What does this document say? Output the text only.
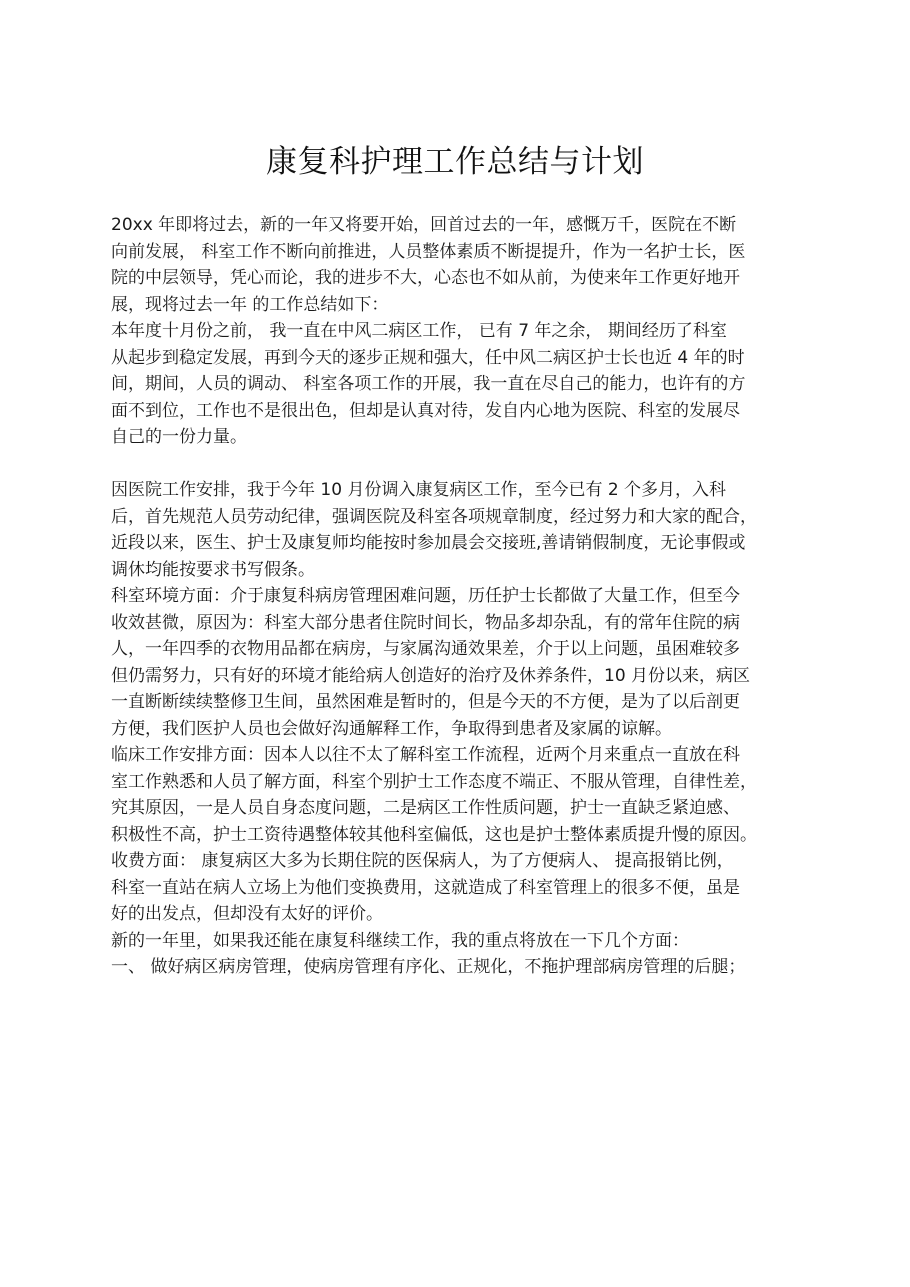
康复科护理工作总结与计划
20xx 年即将过去，新的一年又将要开始，回首过去的一年，感慨万千，医院在不断
向前发展， 科室工作不断向前推进，人员整体素质不断提提升，作为一名护士长，医
院的中层领导，凭心而论，我的进步不大，心态也不如从前，为使来年工作更好地开
展，现将过去一年 的工作总结如下：
本年度十月份之前， 我一直在中风二病区工作， 已有 7 年之余， 期间经历了科室
从起步到稳定发展，再到今天的逐步正规和强大，任中风二病区护士长也近 4 年的时
间，期间，人员的调动、 科室各项工作的开展，我一直在尽自己的能力，也许有的方
面不到位，工作也不是很出色，但却是认真对待，发自内心地为医院、科室的发展尽
自己的一份力量。
因医院工作安排，我于今年 10 月份调入康复病区工作，至今已有 2 个多月，入科
后，首先规范人员劳动纪律，强调医院及科室各项规章制度，经过努力和大家的配合，
近段以来，医生、护士及康复师均能按时参加晨会交接班,善请销假制度，无论事假或
调休均能按要求书写假条。
科室环境方面：介于康复科病房管理困难问题，历任护士长都做了大量工作，但至今
收效甚微，原因为：科室大部分患者住院时间长，物品多却杂乱，有的常年住院的病
人，一年四季的衣物用品都在病房，与家属沟通效果差，介于以上问题，虽困难较多
但仍需努力，只有好的环境才能给病人创造好的治疗及休养条件，10 月份以来，病区
一直断断续续整修卫生间，虽然困难是暂时的，但是今天的不方便，是为了以后剖更
方便，我们医护人员也会做好沟通解释工作，争取得到患者及家属的谅解。
临床工作安排方面：因本人以往不太了解科室工作流程，近两个月来重点一直放在科
室工作熟悉和人员了解方面，科室个别护士工作态度不端正、不服从管理，自律性差，
究其原因，一是人员自身态度问题，二是病区工作性质问题，护士一直缺乏紧迫感、
积极性不高，护士工资待遇整体较其他科室偏低，这也是护士整体素质提升慢的原因。
收费方面： 康复病区大多为长期住院的医保病人，为了方便病人、 提高报销比例，
科室一直站在病人立场上为他们变换费用，这就造成了科室管理上的很多不便，虽是
好的出发点，但却没有太好的评价。
新的一年里，如果我还能在康复科继续工作，我的重点将放在一下几个方面：
一、 做好病区病房管理，使病房管理有序化、正规化，不拖护理部病房管理的后腿；
